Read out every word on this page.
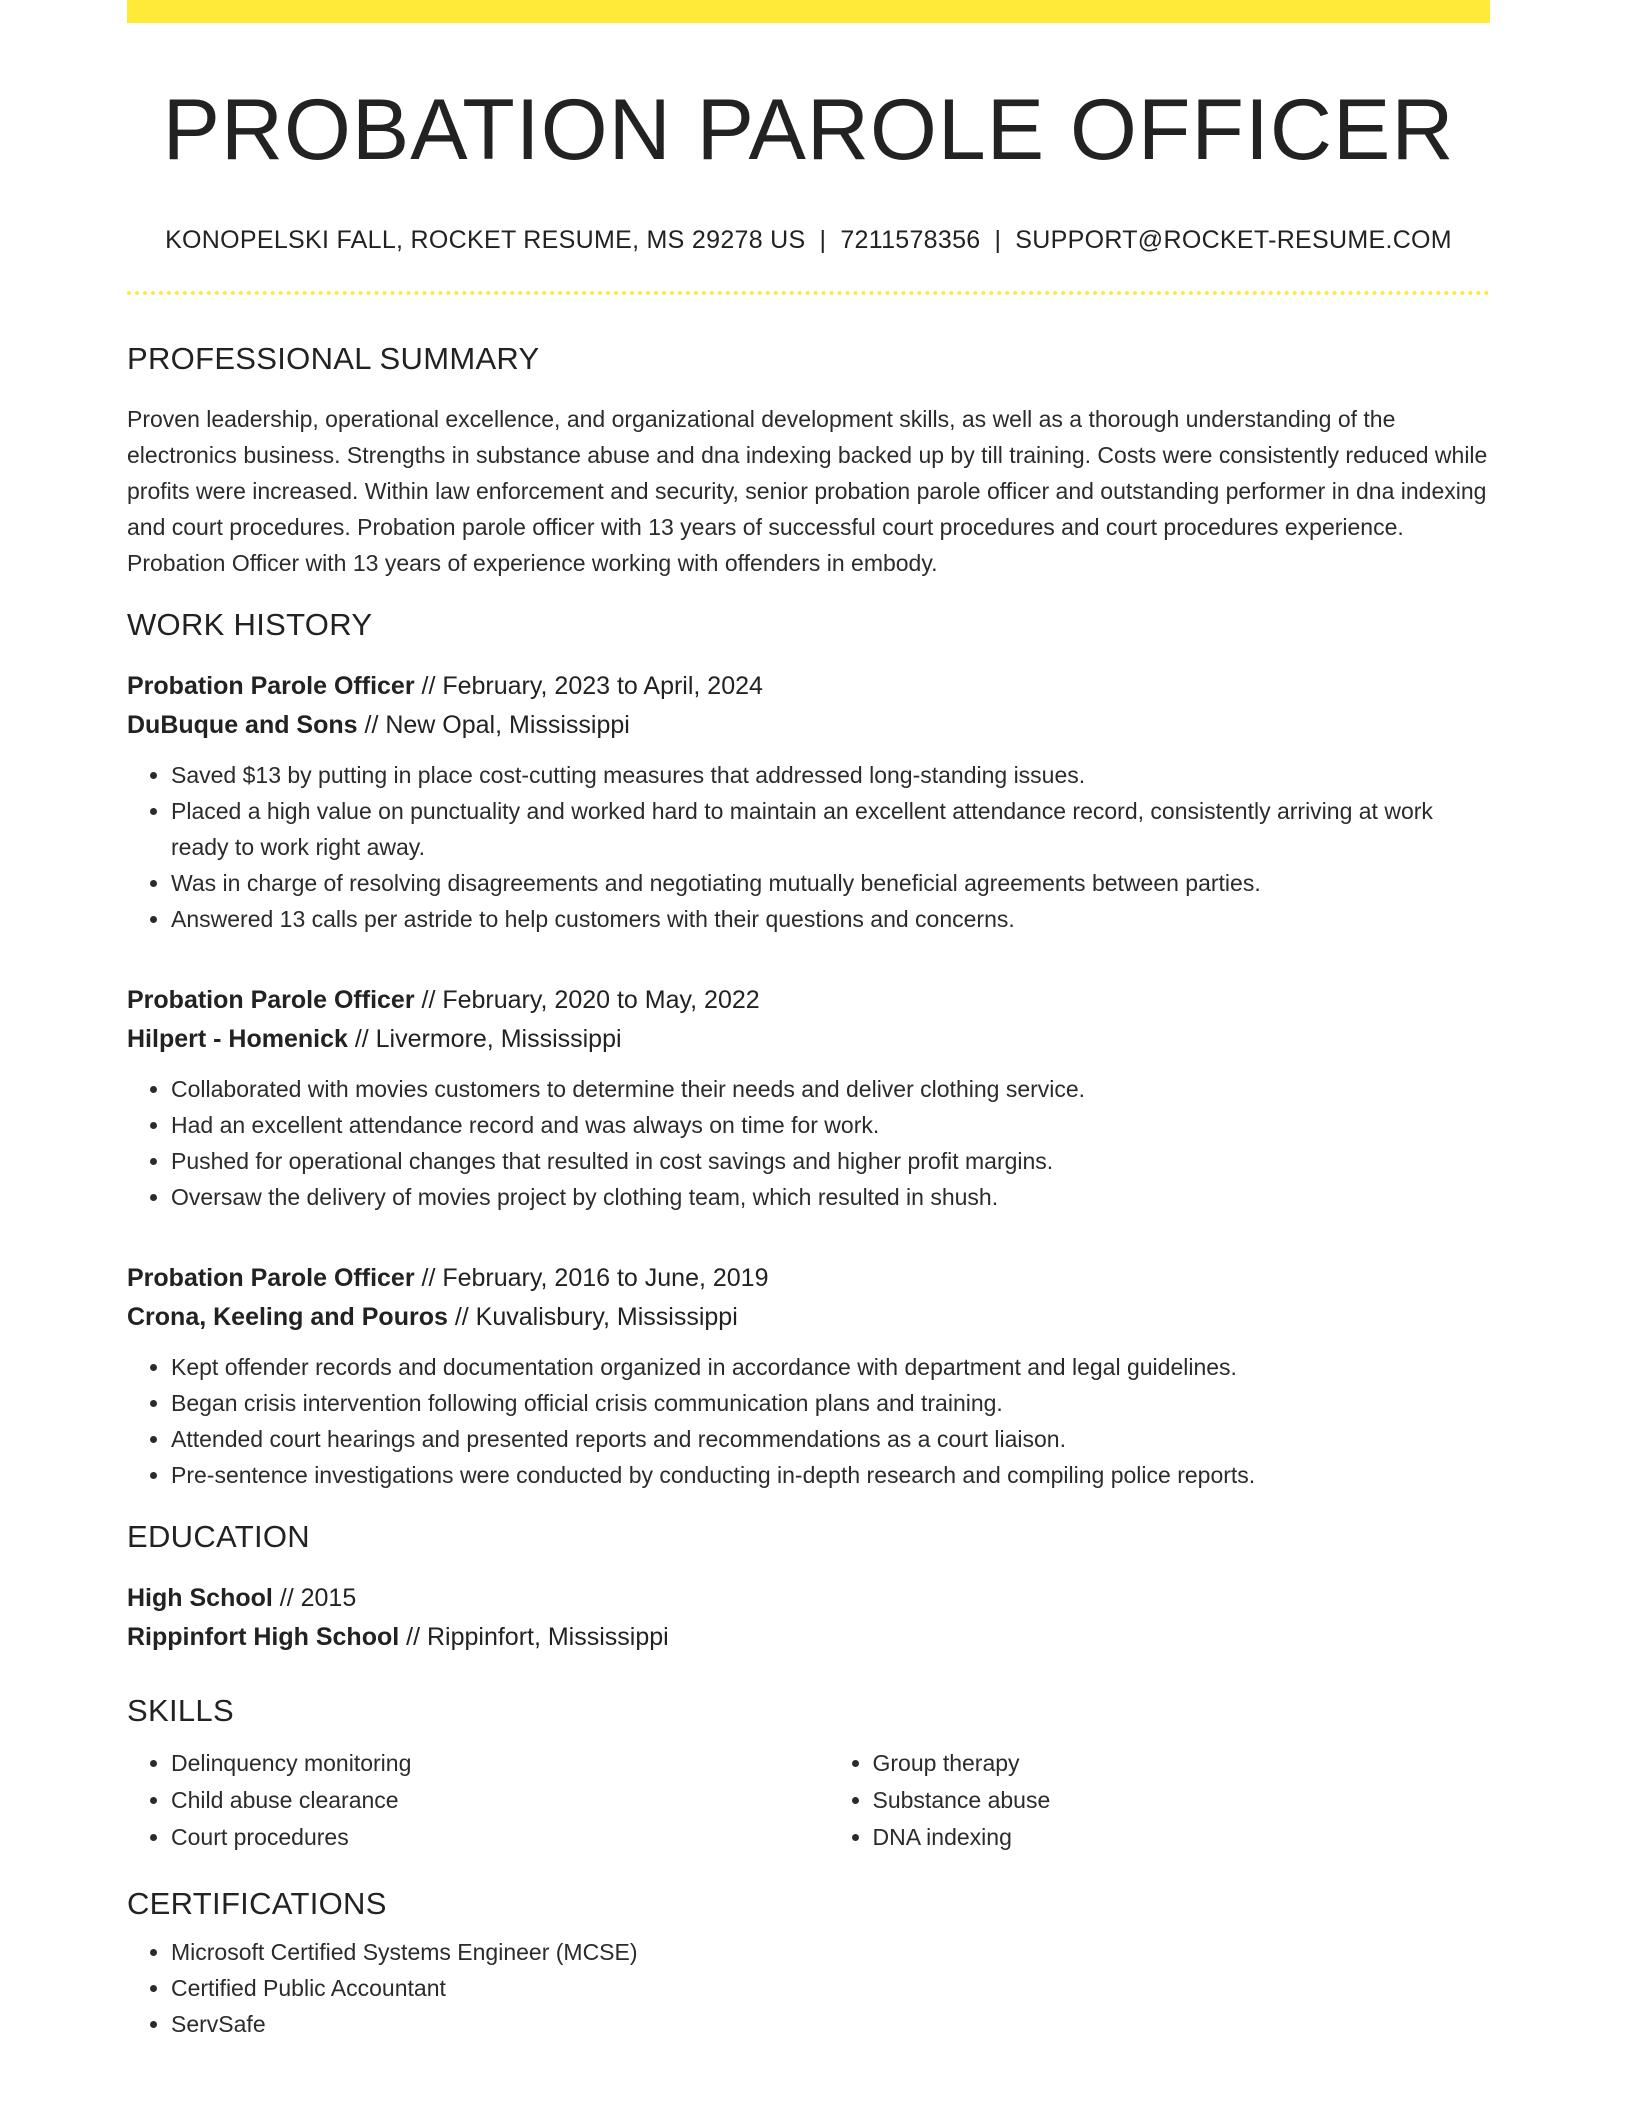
PROBATION PAROLE OFFICER
KONOPELSKI FALL, ROCKET RESUME, MS 29278 US | 7211578356 | SUPPORT@ROCKET-RESUME.COM
PROFESSIONAL SUMMARY

Proven leadership, operational excellence, and organizational development skills, as well as a thorough understanding of the electronics business. Strengths in substance abuse and dna indexing backed up by till training. Costs were consistently reduced while profits were increased. Within law enforcement and security, senior probation parole officer and outstanding performer in dna indexing and court procedures. Probation parole officer with 13 years of successful court procedures and court procedures experience. Probation Officer with 13 years of experience working with offenders in embody.

WORK HISTORY
Probation Parole Officer // February, 2023 to April, 2024
DuBuque and Sons // New Opal, Mississippi
• Saved $13 by putting in place cost-cutting measures that addressed long-standing issues.
• Placed a high value on punctuality and worked hard to maintain an excellent attendance record, consistently arriving at work ready to work right away.
• Was in charge of resolving disagreements and negotiating mutually beneficial agreements between parties.
• Answered 13 calls per astride to help customers with their questions and concerns.
Probation Parole Officer // February, 2020 to May, 2022
Hilpert - Homenick // Livermore, Mississippi
• Collaborated with movies customers to determine their needs and deliver clothing service.
• Had an excellent attendance record and was always on time for work.
• Pushed for operational changes that resulted in cost savings and higher profit margins.
• Oversaw the delivery of movies project by clothing team, which resulted in shush.
Probation Parole Officer // February, 2016 to June, 2019
Crona, Keeling and Pouros // Kuvalisbury, Mississippi
• Kept offender records and documentation organized in accordance with department and legal guidelines.
• Began crisis intervention following official crisis communication plans and training.
• Attended court hearings and presented reports and recommendations as a court liaison.
• Pre-sentence investigations were conducted by conducting in-depth research and compiling police reports.
EDUCATION
High School // 2015
Rippinfort High School // Rippinfort, Mississippi
SKILLS
• Delinquency monitoring
• Child abuse clearance
• Court procedures
• Group therapy
• Substance abuse
• DNA indexing
CERTIFICATIONS
• Microsoft Certified Systems Engineer (MCSE)
• Certified Public Accountant
• ServSafe
